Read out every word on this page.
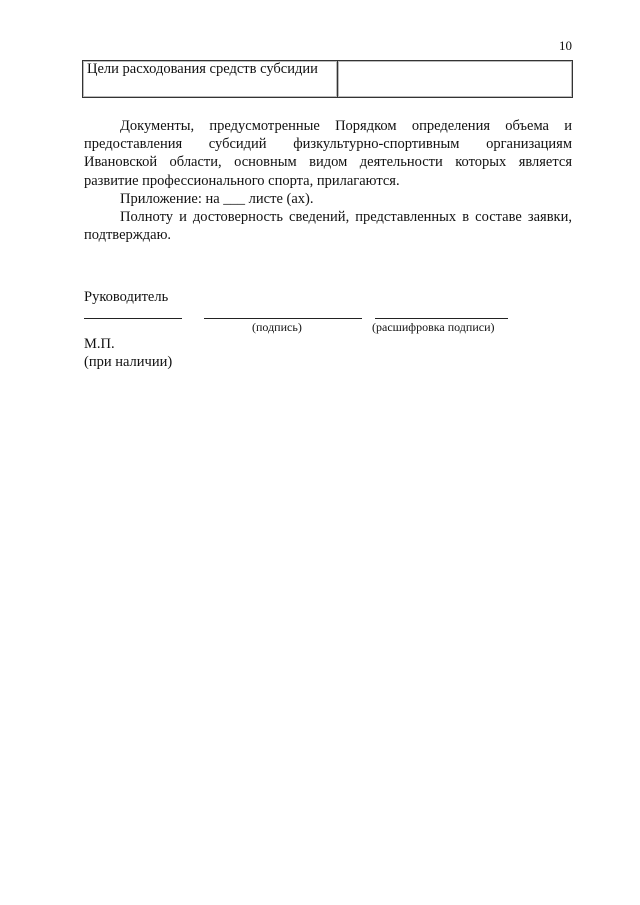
10
Цели расходования средств субсидии	

Документы, предусмотренные Порядком определения объема и предоставления субсидий физкультурно-спортивным организациям Ивановской области, основным видом деятельности которых является развитие профессионального спорта, прилагаются.

Приложение: на ___ листе (ах).

Полноту и достоверность сведений, представленных в составе заявки, подтверждаю.

Руководитель
(подпись)	(расшифровка подписи)
М.П.
(при наличии)
